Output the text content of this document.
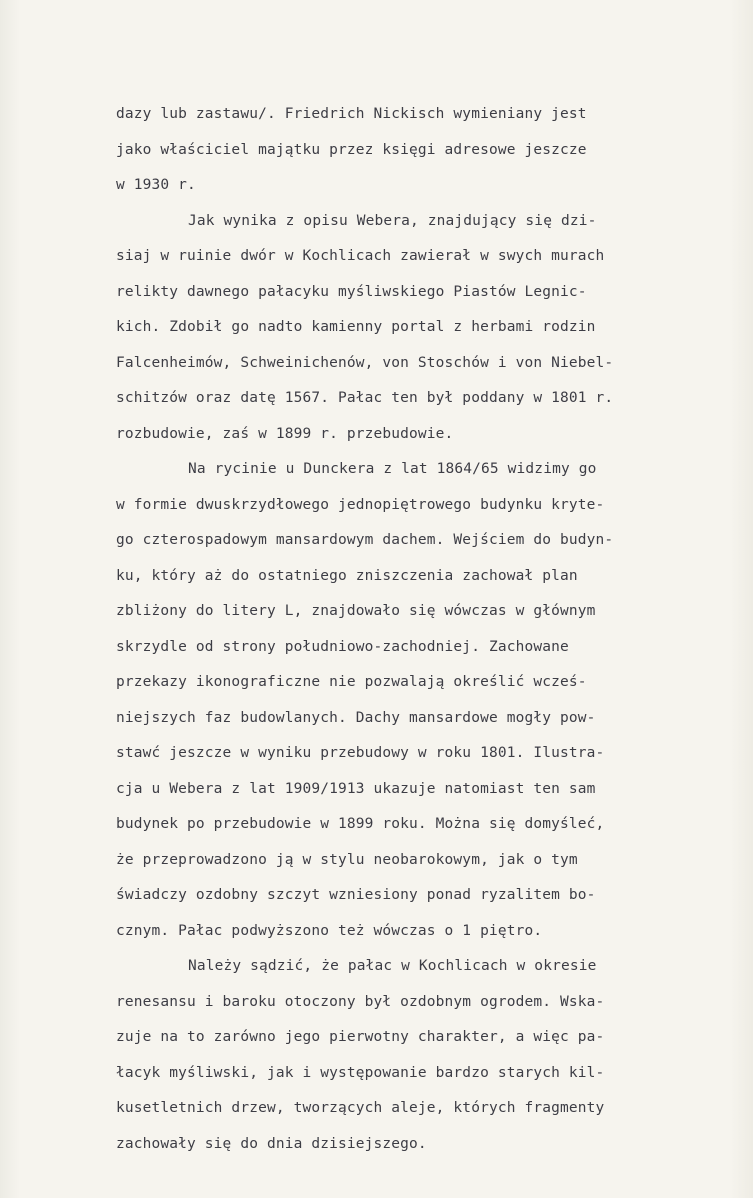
dazy lub zastawu/. Friedrich Nickisch wymieniany jest
jako właściciel majątku przez księgi adresowe jeszcze
w 1930 r.
Jak wynika z opisu Webera, znajdujący się dzi-
siaj w ruinie dwór w Kochlicach zawierał w swych murach
relikty dawnego pałacyku myśliwskiego Piastów Legnic-
kich. Zdobił go nadto kamienny portal z herbami rodzin
Falcenheimów, Schweinichenów, von Stoschów i von Niebel-
schitzów oraz datę 1567. Pałac ten był poddany w 1801 r.
rozbudowie, zaś w 1899 r. przebudowie.
Na rycinie u Dunckera z lat 1864/65 widzimy go
w formie dwuskrzydłowego jednopiętrowego budynku kryte-
go czterospadowym mansardowym dachem. Wejściem do budyn-
ku, który aż do ostatniego zniszczenia zachował plan
zbliżony do litery L, znajdowało się wówczas w głównym
skrzydle od strony południowo-zachodniej. Zachowane
przekazy ikonograficzne nie pozwalają określić wcześ-
niejszych faz budowlanych. Dachy mansardowe mogły pow-
stawć jeszcze w wyniku przebudowy w roku 1801. Ilustra-
cja u Webera z lat 1909/1913 ukazuje natomiast ten sam
budynek po przebudowie w 1899 roku. Można się domyśleć,
że przeprowadzono ją w stylu neobarokowym, jak o tym
świadczy ozdobny szczyt wzniesiony ponad ryzalitem bo-
cznym. Pałac podwyższono też wówczas o 1 piętro.
Należy sądzić, że pałac w Kochlicach w okresie
renesansu i baroku otoczony był ozdobnym ogrodem. Wska-
zuje na to zarówno jego pierwotny charakter, a więc pa-
łacyk myśliwski, jak i występowanie bardzo starych kil-
kusetletnich drzew, tworzących aleje, których fragmenty
zachowały się do dnia dzisiejszego.
